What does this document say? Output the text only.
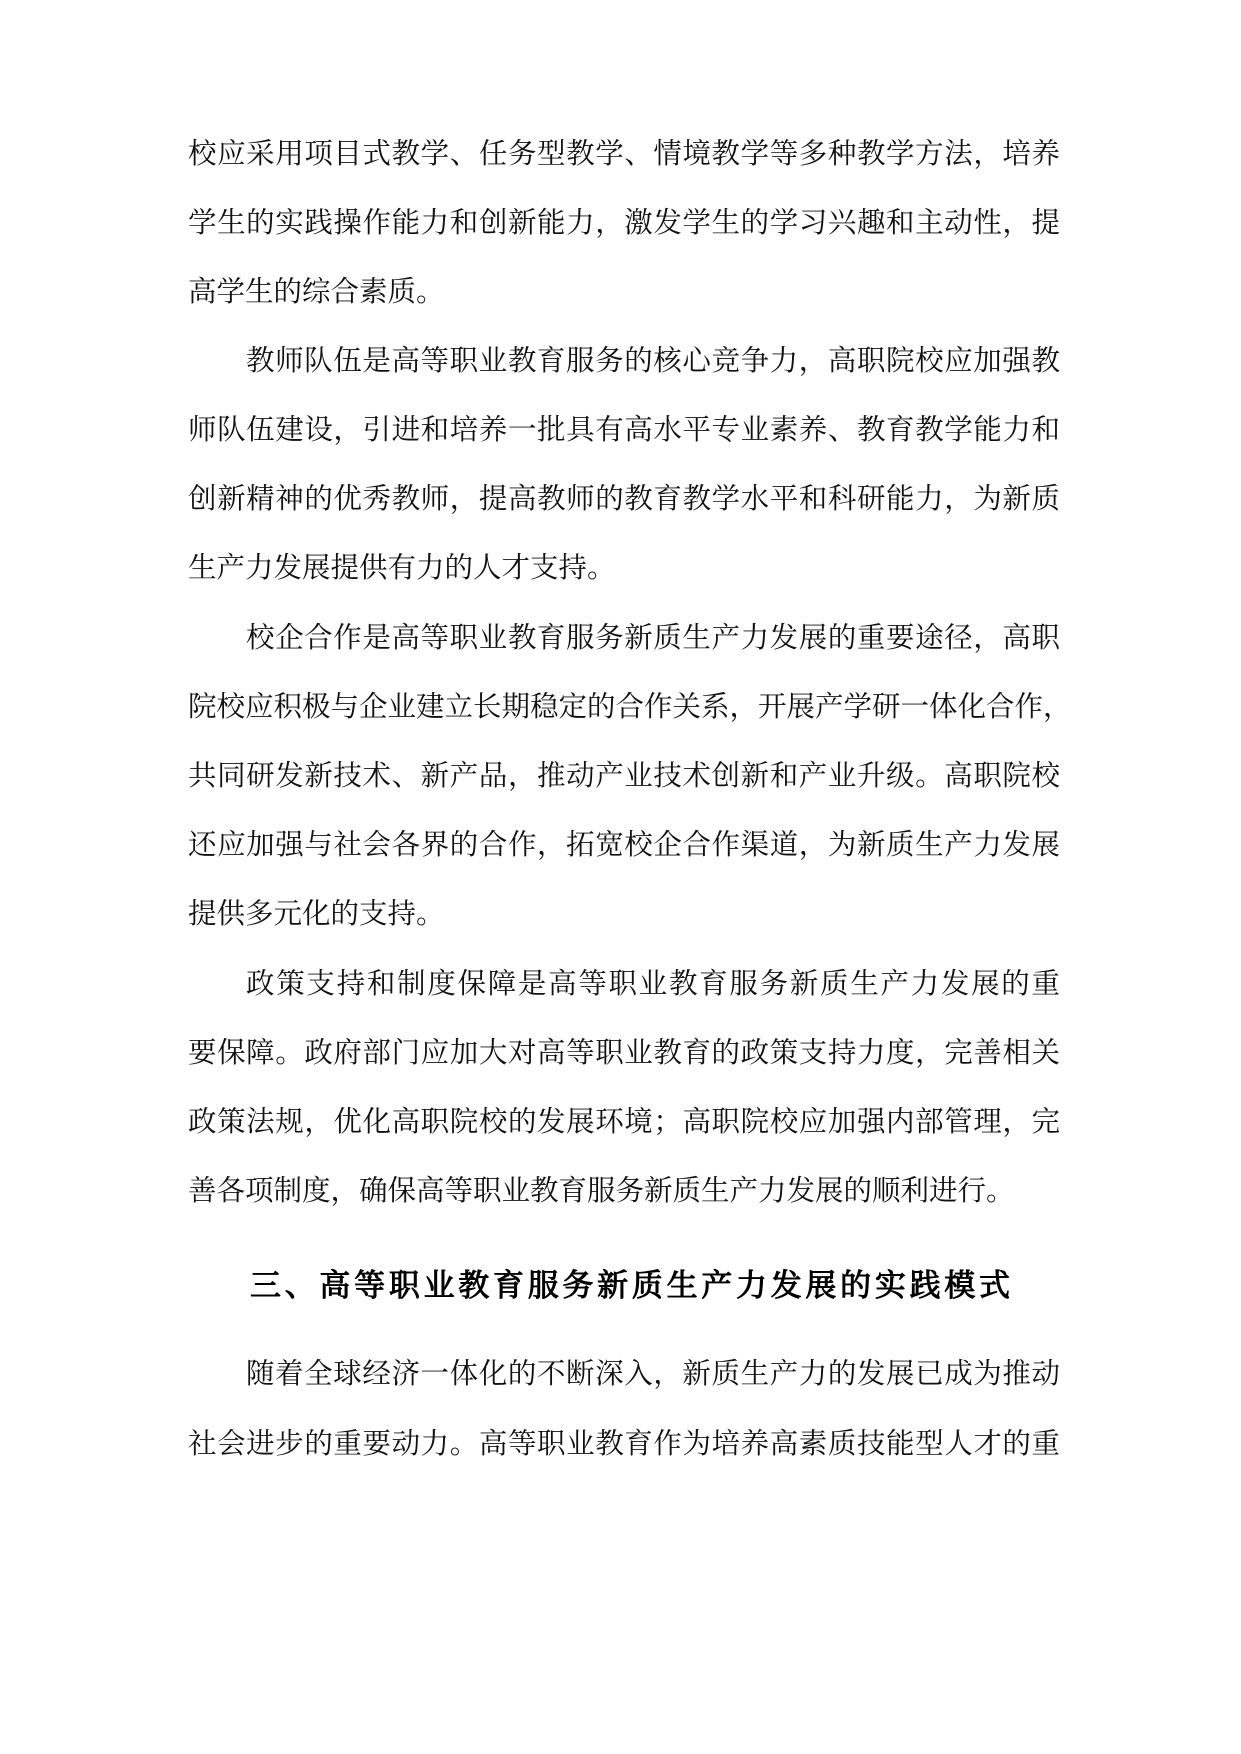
校应采用项目式教学、任务型教学、情境教学等多种教学方法，培养
学生的实践操作能力和创新能力，激发学生的学习兴趣和主动性，提
高学生的综合素质。
教师队伍是高等职业教育服务的核心竞争力，高职院校应加强教
师队伍建设，引进和培养一批具有高水平专业素养、教育教学能力和
创新精神的优秀教师，提高教师的教育教学水平和科研能力，为新质
生产力发展提供有力的人才支持。
校企合作是高等职业教育服务新质生产力发展的重要途径，高职
院校应积极与企业建立长期稳定的合作关系，开展产学研一体化合作，
共同研发新技术、新产品，推动产业技术创新和产业升级。高职院校
还应加强与社会各界的合作，拓宽校企合作渠道，为新质生产力发展
提供多元化的支持。
政策支持和制度保障是高等职业教育服务新质生产力发展的重
要保障。政府部门应加大对高等职业教育的政策支持力度，完善相关
政策法规，优化高职院校的发展环境；高职院校应加强内部管理，完
善各项制度，确保高等职业教育服务新质生产力发展的顺利进行。
三、高等职业教育服务新质生产力发展的实践模式
随着全球经济一体化的不断深入，新质生产力的发展已成为推动
社会进步的重要动力。高等职业教育作为培养高素质技能型人才的重
